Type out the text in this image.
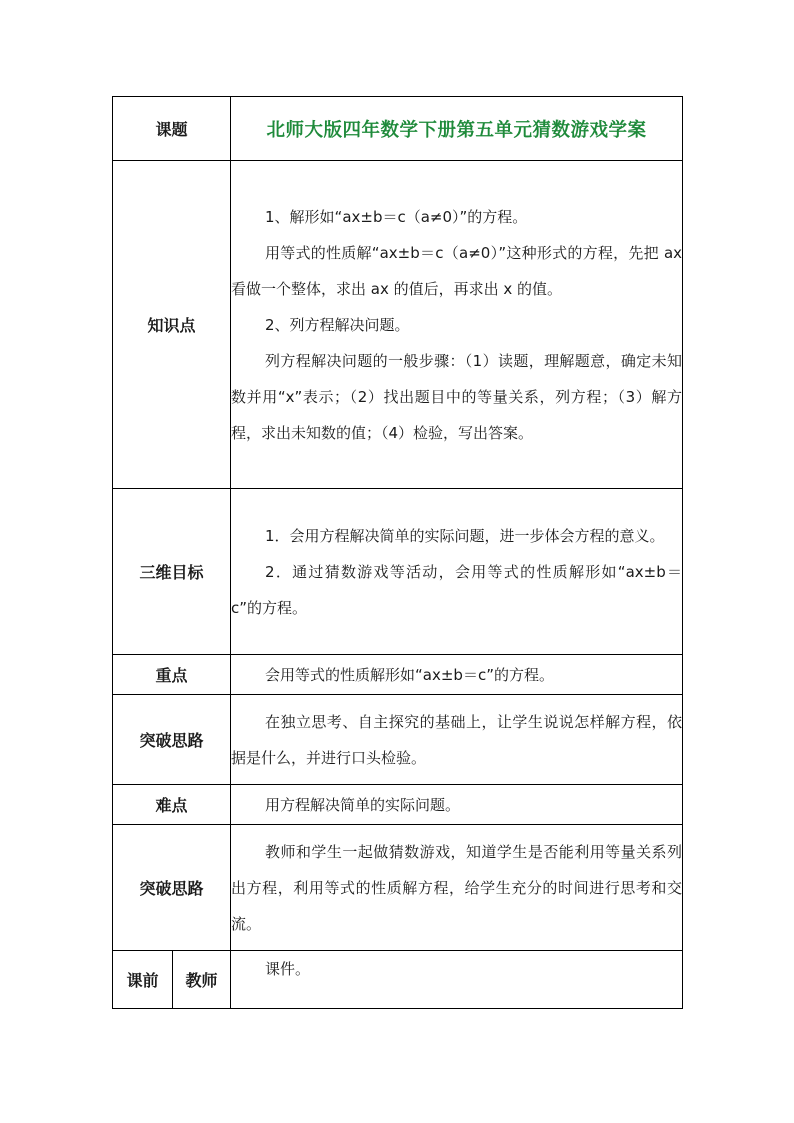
课题		北师大版四年数学下册第五单元猜数游戏学案
知识点		1、解形如“ax±b＝c（a≠0）”的方程。

用等式的性质解“ax±b＝c（a≠0）”这种形式的方程，先把 ax 看做一个整体，求出 ax 的值后，再求出 x 的值。

2、列方程解决问题。

列方程解决问题的一般步骤：（1）读题，理解题意，确定未知数并用“x”表示；（2）找出题目中的等量关系，列方程；（3）解方程，求出未知数的值；（4）检验，写出答案。

三维目标		1．会用方程解决简单的实际问题，进一步体会方程的意义。

2．通过猜数游戏等活动，会用等式的性质解形如“ax±b＝c”的方程。

重点		会用等式的性质解形如“ax±b＝c”的方程。

突破思路		在独立思考、自主探究的基础上，让学生说说怎样解方程，依据是什么，并进行口头检验。

难点		用方程解决简单的实际问题。

突破思路		教师和学生一起做猜数游戏，知道学生是否能利用等量关系列出方程，利用等式的性质解方程，给学生充分的时间进行思考和交流。

课前	教师	课件。
